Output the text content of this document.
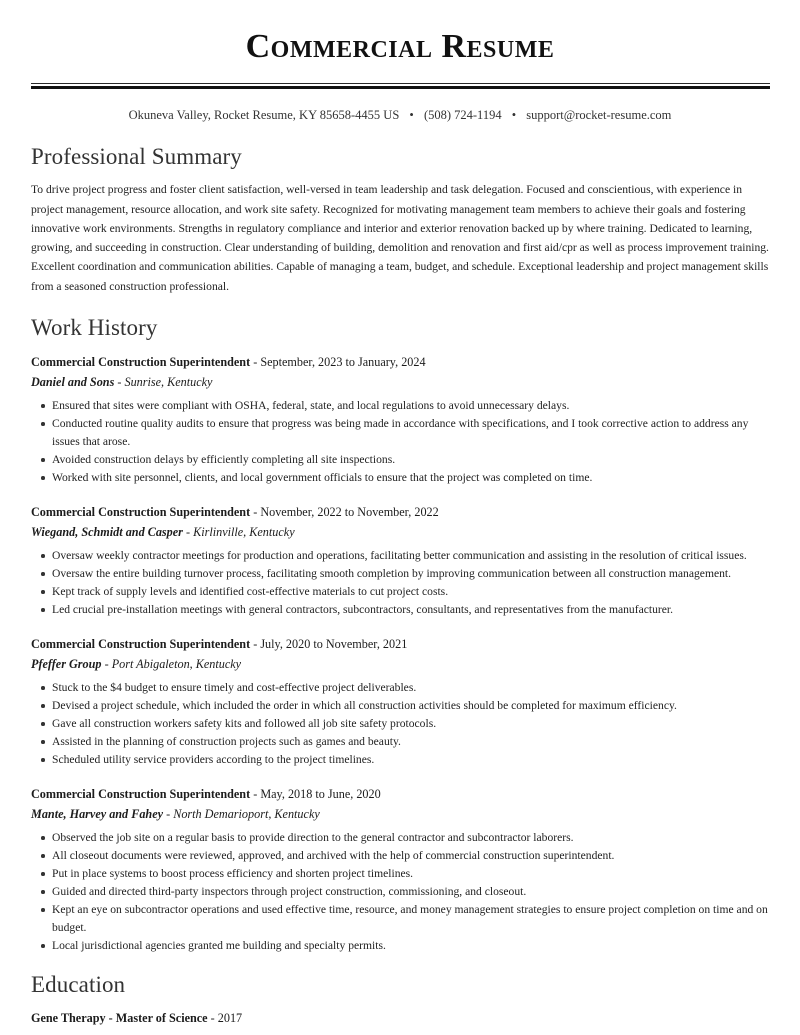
Commercial Resume
Okuneva Valley, Rocket Resume, KY 85658-4455 US • (508) 724-1194 • support@rocket-resume.com
Professional Summary

To drive project progress and foster client satisfaction, well-versed in team leadership and task delegation. Focused and conscientious, with experience in project management, resource allocation, and work site safety. Recognized for motivating management team members to achieve their goals and fostering innovative work environments. Strengths in regulatory compliance and interior and exterior renovation backed up by where training. Dedicated to learning, growing, and succeeding in construction. Clear understanding of building, demolition and renovation and first aid/cpr as well as process improvement training. Excellent coordination and communication abilities. Capable of managing a team, budget, and schedule. Exceptional leadership and project management skills from a seasoned construction professional.

Work History
Commercial Construction Superintendent - September, 2023 to January, 2024
Daniel and Sons - Sunrise, Kentucky
Ensured that sites were compliant with OSHA, federal, state, and local regulations to avoid unnecessary delays.
Conducted routine quality audits to ensure that progress was being made in accordance with specifications, and I took corrective action to address any issues that arose.
Avoided construction delays by efficiently completing all site inspections.
Worked with site personnel, clients, and local government officials to ensure that the project was completed on time.
Commercial Construction Superintendent - November, 2022 to November, 2022
Wiegand, Schmidt and Casper - Kirlinville, Kentucky
Oversaw weekly contractor meetings for production and operations, facilitating better communication and assisting in the resolution of critical issues.
Oversaw the entire building turnover process, facilitating smooth completion by improving communication between all construction management.
Kept track of supply levels and identified cost-effective materials to cut project costs.
Led crucial pre-installation meetings with general contractors, subcontractors, consultants, and representatives from the manufacturer.
Commercial Construction Superintendent - July, 2020 to November, 2021
Pfeffer Group - Port Abigaleton, Kentucky
Stuck to the $4 budget to ensure timely and cost-effective project deliverables.
Devised a project schedule, which included the order in which all construction activities should be completed for maximum efficiency.
Gave all construction workers safety kits and followed all job site safety protocols.
Assisted in the planning of construction projects such as games and beauty.
Scheduled utility service providers according to the project timelines.
Commercial Construction Superintendent - May, 2018 to June, 2020
Mante, Harvey and Fahey - North Demarioport, Kentucky
Observed the job site on a regular basis to provide direction to the general contractor and subcontractor laborers.
All closeout documents were reviewed, approved, and archived with the help of commercial construction superintendent.
Put in place systems to boost process efficiency and shorten project timelines.
Guided and directed third-party inspectors through project construction, commissioning, and closeout.
Kept an eye on subcontractor operations and used effective time, resource, and money management strategies to ensure project completion on time and on budget.
Local jurisdictional agencies granted me building and specialty permits.
Education
Gene Therapy - Master of Science - 2017
